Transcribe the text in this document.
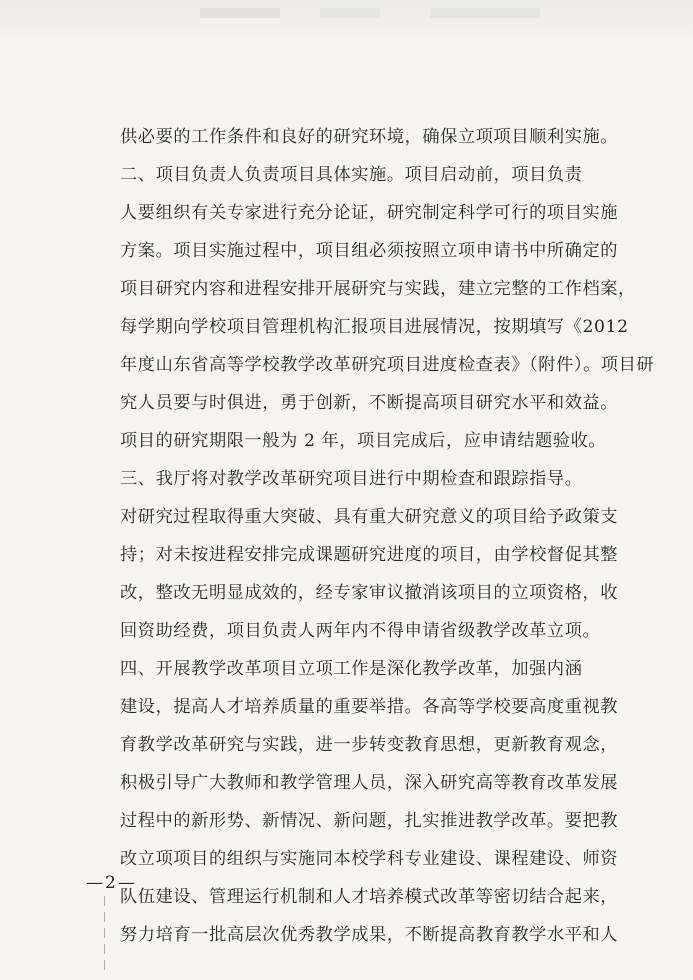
供必要的工作条件和良好的研究环境，确保立项项目顺利实施。
二、项目负责人负责项目具体实施。项目启动前，项目负责
人要组织有关专家进行充分论证，研究制定科学可行的项目实施
方案。项目实施过程中，项目组必须按照立项申请书中所确定的
项目研究内容和进程安排开展研究与实践，建立完整的工作档案，
每学期向学校项目管理机构汇报项目进展情况，按期填写《2012
年度山东省高等学校教学改革研究项目进度检查表》（附件）。项目研
究人员要与时俱进，勇于创新，不断提高项目研究水平和效益。
项目的研究期限一般为 2 年，项目完成后，应申请结题验收。
三、我厅将对教学改革研究项目进行中期检查和跟踪指导。
对研究过程取得重大突破、具有重大研究意义的项目给予政策支
持；对未按进程安排完成课题研究进度的项目，由学校督促其整
改，整改无明显成效的，经专家审议撤消该项目的立项资格，收
回资助经费，项目负责人两年内不得申请省级教学改革立项。
四、开展教学改革项目立项工作是深化教学改革，加强内涵
建设，提高人才培养质量的重要举措。各高等学校要高度重视教
育教学改革研究与实践，进一步转变教育思想，更新教育观念，
积极引导广大教师和教学管理人员，深入研究高等教育改革发展
过程中的新形势、新情况、新问题，扎实推进教学改革。要把教
改立项项目的组织与实施同本校学科专业建设、课程建设、师资
队伍建设、管理运行机制和人才培养模式改革等密切结合起来，
努力培育一批高层次优秀教学成果，不断提高教育教学水平和人
—2—
